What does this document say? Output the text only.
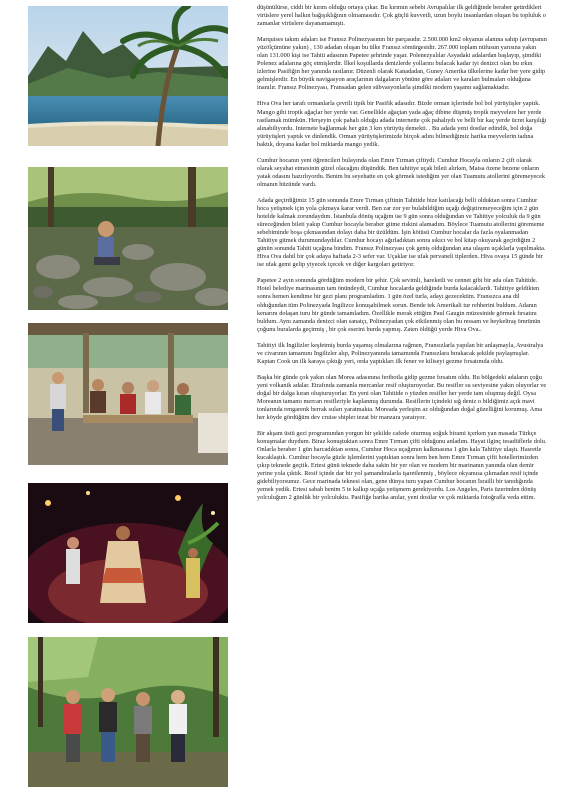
düşünülürse, ciddi bir kırım olduğu ortaya çıkar. Bu kırımın sebebi Avrupalılar ilk geldiğinde beraber getirdikleri virüslere yerel halkın bağışıklığının olmamasıdır. Çok güçlü kuvvetli, uzun boylu insanlardan oluşan bu topluluk o zamanlar virüslere dayanamamıştı.

Marquises takım adaları ise Fransız Polinezyasının bir parçasıdır. 2.500.000 km2 okyanus alanına sahip (avrupanın yüzölçümüne yakın) , 130 adadan oluşan bu ülke Fransız sömürgesidir. 267.000 toplam nüfusun yarısına yakın olan 131.000 kişi ise Tahiti adasının Papetee şehrinde yaşar. Polenezyalılar Asyadaki adalardan başlayıp, şimdiki Polenez adalarına göç etmişlerdir. İlkel koşullarda denizlerde yollarını bulacak kadar iyi denizci olan bu ırkın izlerine Pasifiğin her yanında rastlanır. Düzenli olarak Kanadadan, Guney Amerika ülkelerine kadar her yere gidip gelmişlerdir. En büyük navigasyon araçlarının dalgaların yönüne göre adaları ve karaları bulmaları olduğuna inanılır. Fransız Polinezyası, Fransadan gelen sübvasyonlarla şimdiki modern yaşamı sağlamaktadır.

Hiva Ova her tarafı ormanlarla çevrili tipik bir Pasifik adasıdır. Bizde orman içlerinde bol bol yürüyüşler yaptık. Mango gibi tropik ağaçlar her yerde var. Genellikle ağaçtan yada ağaç dibine düşmüş tropik meyvelere her yerde rastlamak mümkün. Herşeyin çok pahalı olduğu adada internette çok pahalıydı ve belli bir kaç yerde ücret karşılığı alınabiliyordu. Internete bağlanmak her gün 3 km yürüyüş demekti. . Bu adada yeni dostlar edindik, bol doğa yürüyüşleri yaptık ve dinlendik. Orman yürüyüşlerimizde birçok adını bilmediğimiz harika meyvelerin tadına baktık, doyana kadar bol miktarda mango yedik.

Cumhur hocanın yeni öğrencileri bulayında olan Emre Tırman çiftiydi. Cumhur Hocayla onların 2 çift olarak olarak seyahat etmesinin güzel olacağını düşündük. Ben tahitiye uçak bileti alırken, Maisa özene bezene onların yatak odasını hazırlıyordu. Benim bu seyehatte en çok görmek istediğim yer olan Tuamutu atollerini göremeyecek olmanın hüzünde vardı.

Adada geçirdiğimiz 15 gün sonunda Emre Tırman çiftinin Tahitide bize katılacağı belli olduktan sonra Cumhur hoca yetişmek için yola çıkmaya karar verdi. Ben zar zor yer bulabildiğim uçağı değiştiremeyeceğim için 2 gün hotelde kalmak zorundaydım. İstanbula dönüş uçağım ise 9 gün sonra olduğundan ve Tahitiye yolculuk da 9 gün süreceğinden bileti yakıp Cumhur hocayla beraber gitme riskini alamadım. Böylece Tuamutu atollerini görememe sebebiminde boşa çıkmasından dolayı daha bir üzüldüm. İşin kötüsü Cumhur hocalar da fazla oyalanmadan Tahitiye gitmek durumundaydılar. Cumhur hocayı ağırladıktan sonra sıkıcı ve bol kitap okuyarak geçirdiğim 2 günün sonunda Tahiti uçağına bindim. Fransız Polinezyası çok geniş olduğundan ana ulaşım uçaklarla yapılmakta. Hiva Ova dahil bir çok adaya haftada 2-3 sefer var. Uçaklar ise ufak pervaneli tiplerden. Hiva ovaya 15 günde bir ise ufak gemi gelip yiyecek içecek ve diğer kargoları getiriyor.

Papetee 2 ayın sonunda gördüğüm modern bir şehir. Çok sevimli, hareketli ve cennet gibi bir ada olan Tahitide. Hotel belediye marinasının tam önündeydi, Cumhur hocalarda geldiğinde burda kalacaklardı. Tahitiye geldikten sonra hemen kendime bir gezi planı programladım. 1 gün özel turla, adayı gezecektim. Fransızca ana dil olduğundan tüm Polinezyada İngilizce konuşabilmek sorun. Bende tek Amerikali tur rehberini buldum. Adanın kenarını dolaşan turu bir günde tamamladım. Özellikle merak ettiğim Paul Gaugin müzesinide görmek fırsatını buldum. Aynı zamanda denizci olan sanatçı, Polinezyadan çok etkilenmiş olan bu ressam ve heykeltraş ömrünün çoğunu buralarda geçirmiş , bir çok eserini burda yapmış. Zaten öldüğü yerde Hiva Ova..

Tahitiyi ilk İngilizler keşfetmiş burda yaşamış olmalarına rağmen, Fransızlarla yapılan bir anlaşmayla, Avustralya ve civarının tamamını İngilizler alıp, Polinezyanında tamamında Fransızlara bırakacak şekilde paylaşmışlar. Kaptan Cook un ilk karaya çıktığı yeri, orda yaptıkları ilk fener ve kiliseyi gezme fırsatımda oldu.

Başka bir günde çok yakın olan Morea adasınına feribotla gidip gezme fırsatım oldu. Bu bölgedeki adaların çoğu yeni volkanik adalar. Etrafında zamanla mercanlar resif oluşturuyorlar. Bu resifler su seviyesine yakın oluyorlar ve doğal bir dalga kıran oluşturuyorlar. En yeni olan Tahitide o yüzden resifler her yerde tam oluşmuş değil. Oysa Moreanın tamamı mercan resifleriyle kaplanmış durumda. Resiflerin içindeki sığ deniz o bildiğimiz açık mavi tonlarında rengarenk berrak suları yaratmakta. Moreada yerleşim az olduğundan doğal güzelliğini korumuş. Ama her köyde gördüğüm dev cruise shipler tezat bir manzara yaratıyor.

Bir akşam üstü gezi programından yorgun bir şekilde cafede oturmuş soğuk birami içerken yan masada Türkçe konuşmalar duydum. Biraz konuştuktan sonra Emre Tırman çifti olduğunu anladım. Hayat ilginç tesadüflerle dolu. Onlarla beraber 1 gün harcadıktan sonra, Cumhur Hoca uçağımın kalkmasına 1 gün kala Tahitiye ulaştı. Hasretle kucaklaştık. Cumhur hocayla güzle işlemlerini yaptıktan sonra hem ben hem Emre Tırman çifti hotellerimizden çıkıp teknede geçtik. Ertesi günü teknede daha sakin bir yer olan ve modern bir marinanın yanında olan demir yerine yola çıktık. Resif içinde dar bir yol şamandıralarla işaretlenmiş , böylece okyanusa çıkmadan resif içinde gidebiliyorsunuz. Gece marinada teknesi olan, gene dünya turu yapan Cumhur hocanın İsrailli bir tanıdığında yemek yedik. Ertesi sabah benim 5 te kalkıp uçağa yetişmem gerekiyordu. Los Angeles, Paris üzerinden dönüş yolculuğum 2 günlük bir yolculuktu. Pasifiğe harika anılar, yeni dostlar ve çok miktarda fotoğrafla veda ettim.
